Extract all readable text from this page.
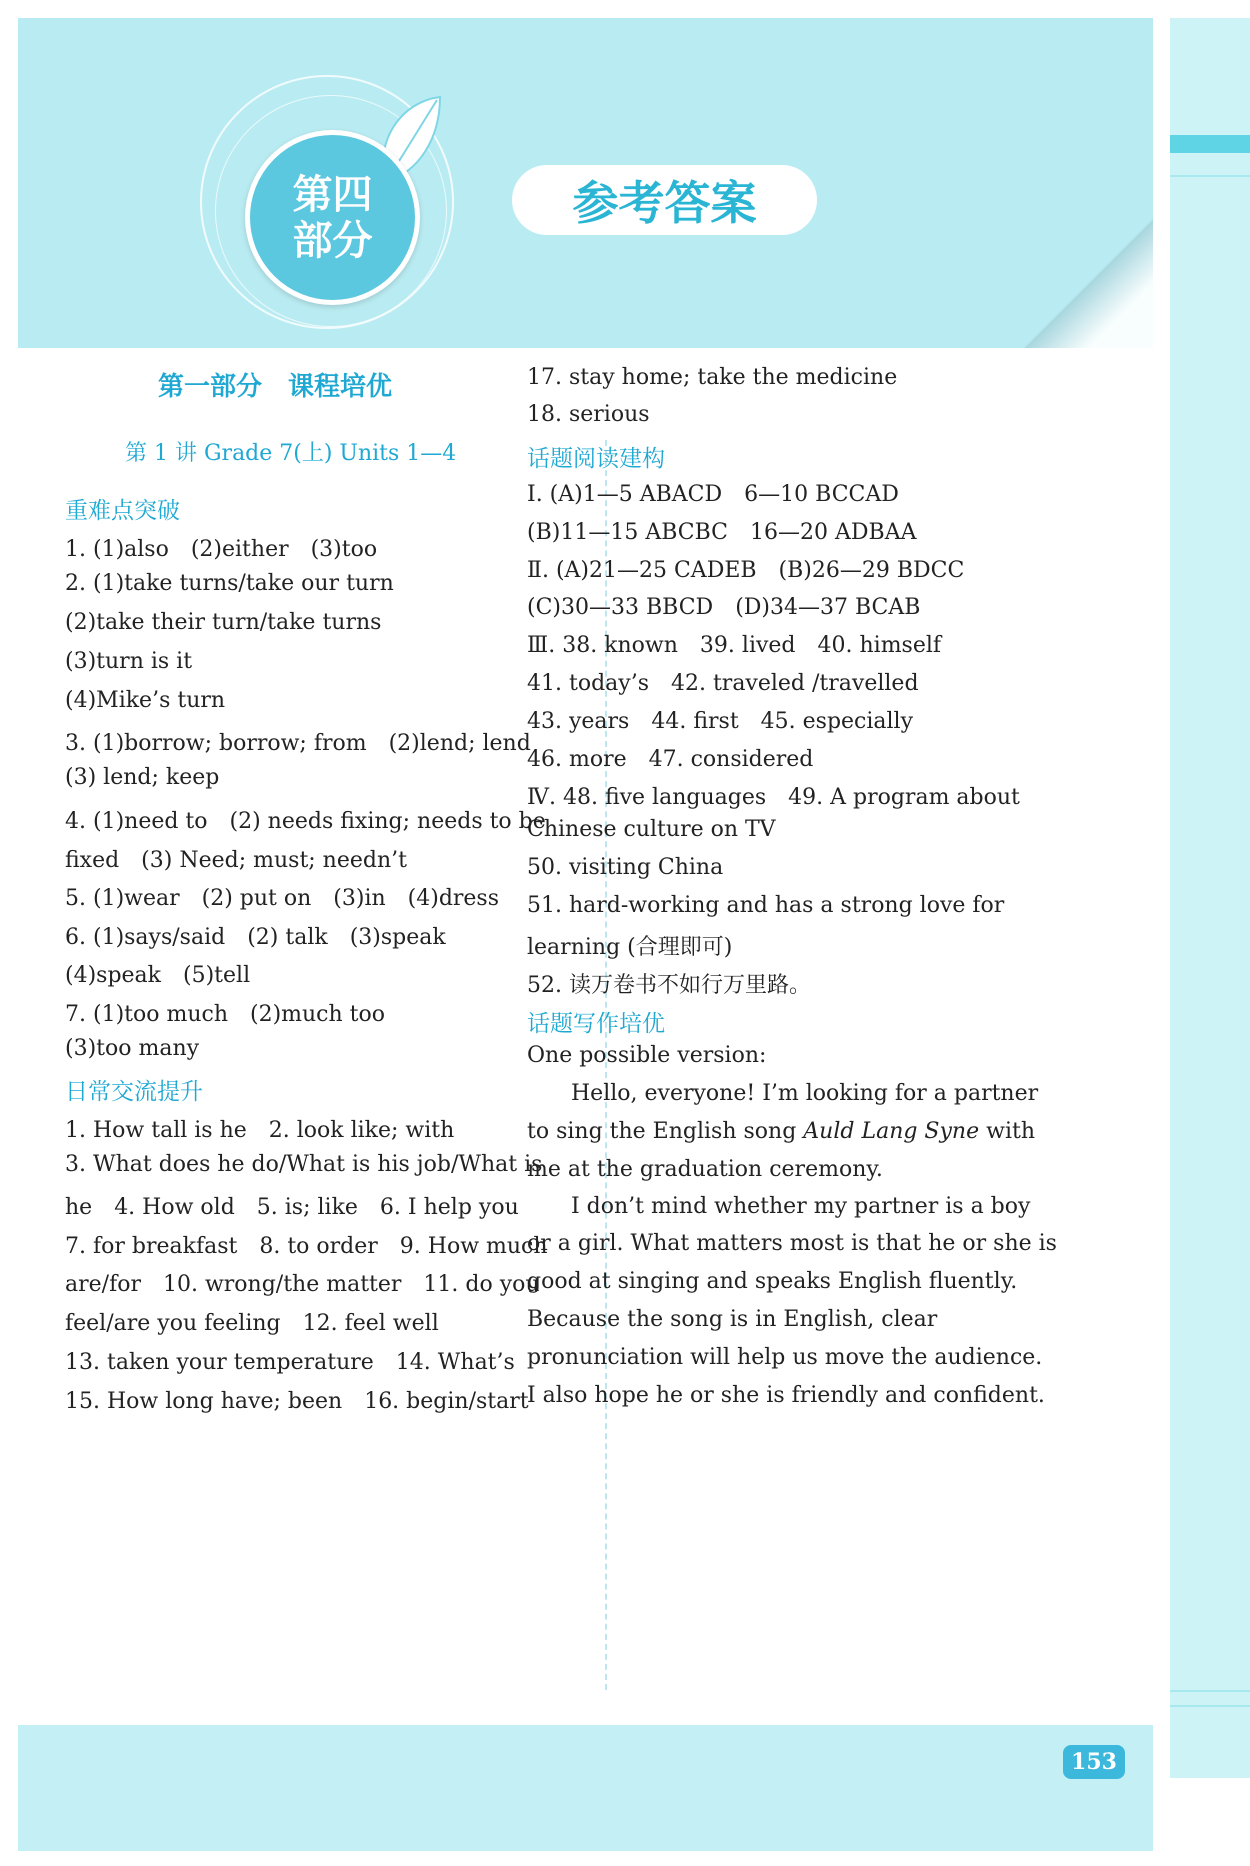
第四
部分
参考答案
第一部分　课程培优
第 1 讲 Grade 7(上) Units 1—4
重难点突破
1. (1)also　(2)either　(3)too
2. (1)take turns/take our turn
(2)take their turn/take turns
(3)turn is it
(4)Mike’s turn
3. (1)borrow; borrow; from　(2)lend; lend
(3) lend; keep
4. (1)need to　(2) needs fixing; needs to be
fixed　(3) Need; must; needn’t
5. (1)wear　(2) put on　(3)in　(4)dress
6. (1)says/said　(2) talk　(3)speak
(4)speak　(5)tell
7. (1)too much　(2)much too
(3)too many
日常交流提升
1. How tall is he　2. look like; with
3. What does he do/What is his job/What is
he　4. How old　5. is; like　6. I help you
7. for breakfast　8. to order　9. How much
are/for　10. wrong/the matter　11. do you
feel/are you feeling　12. feel well
13. taken your temperature　14. What’s
15. How long have; been　16. begin/start
17. stay home; take the medicine
18. serious
话题阅读建构
Ⅰ. (A)1—5 ABACD　6—10 BCCAD
(B)11—15 ABCBC　16—20 ADBAA
Ⅱ. (A)21—25 CADEB　(B)26—29 BDCC
(C)30—33 BBCD　(D)34—37 BCAB
Ⅲ. 38. known　39. lived　40. himself
41. today’s　42. traveled /travelled
43. years　44. first　45. especially
46. more　47. considered
Ⅳ. 48. five languages　49. A program about
Chinese culture on TV
50. visiting China
51. hard-working and has a strong love for
learning (合理即可)
52. 读万卷书不如行万里路。
话题写作培优
One possible version:
Hello, everyone! I’m looking for a partner
to sing the English song Auld Lang Syne with
me at the graduation ceremony.
I don’t mind whether my partner is a boy
or a girl. What matters most is that he or she is
good at singing and speaks English fluently.
Because the song is in English, clear
pronunciation will help us move the audience.
I also hope he or she is friendly and confident.
153
